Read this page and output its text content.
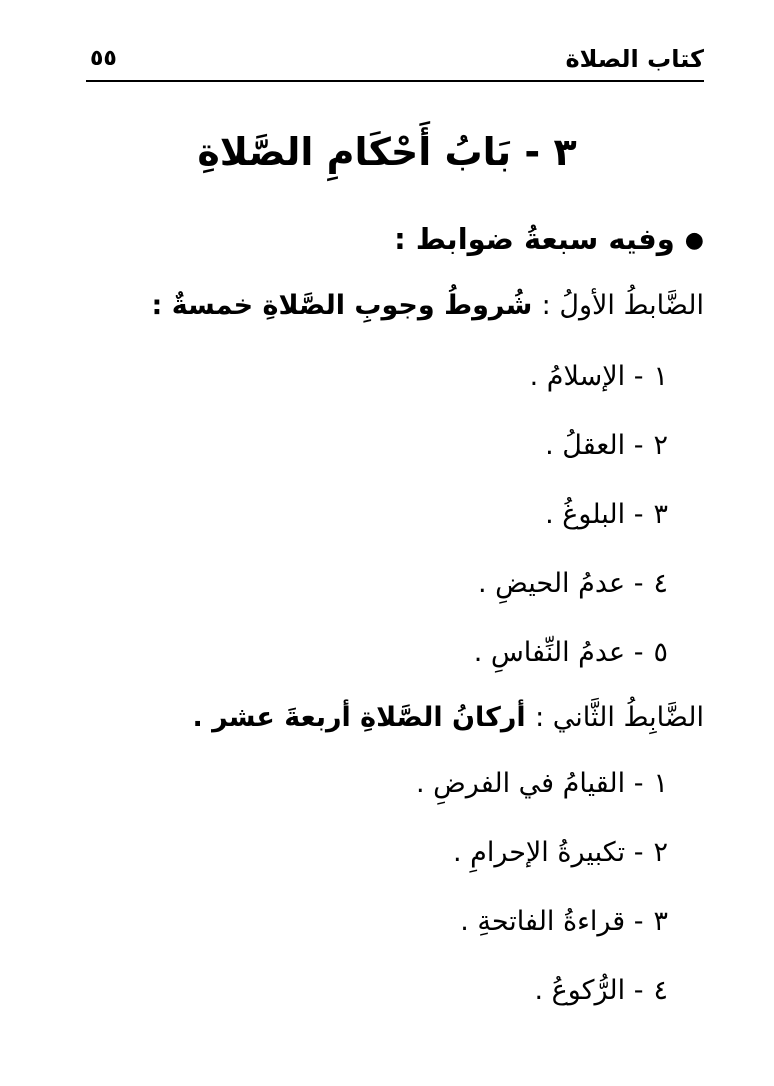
كتاب الصلاة
٥٥
٣ - بَابُ أَحْكَامِ الصَّلاةِ
●وفيه سبعةُ ضوابط :
الضَّابطُ الأولُ : شُروطُ وجوبِ الصَّلاةِ خمسةٌ :
١- الإسلامُ .
٢- العقلُ .
٣- البلوغُ .
٤- عدمُ الحيضِ .
٥- عدمُ النِّفاسِ .
الضَّابِطُ الثَّاني : أركانُ الصَّلاةِ أربعةَ عشر .
١- القيامُ في الفرضِ .
٢- تكبيرةُ الإحرامِ .
٣- قراءةُ الفاتحةِ .
٤- الرُّكوعُ .
